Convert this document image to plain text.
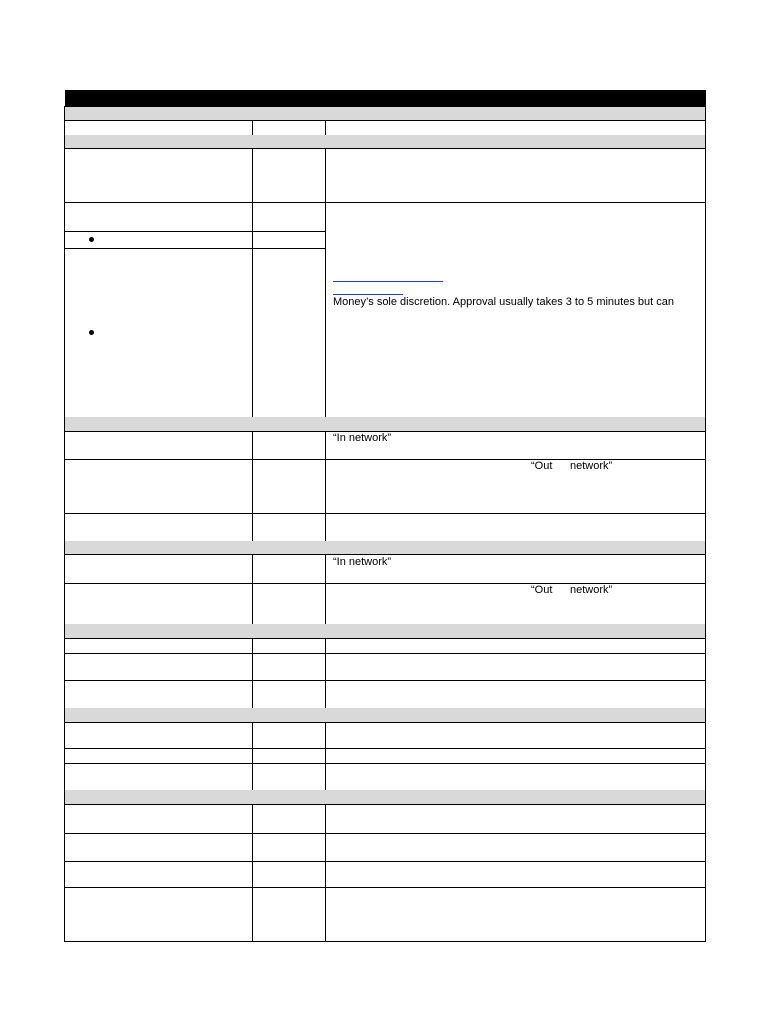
Money’s sole discretion. Approval usually takes 3 to 5 minutes but can
“In network”
“Out network”
“In network”
“Out network”
